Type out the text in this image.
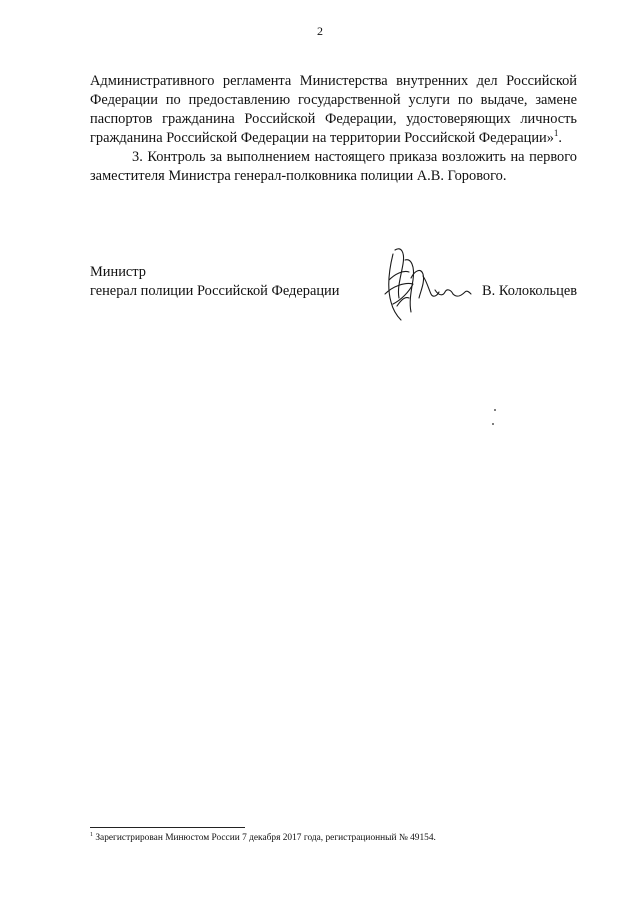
2

Административного регламента Министерства внутренних дел Российской Федерации по предоставлению государственной услуги по выдаче, замене паспортов гражданина Российской Федерации, удостоверяющих личность гражданина Российской Федерации на территории Российской Федерации»$^1$.

3. Контроль за выполнением настоящего приказа возложить на первого заместителя Министра генерал-полковника полиции А.В. Горового.

Министр
генерал полиции Российской Федерации	В. Колокольцев
$^1$ Зарегистрирован Минюстом России 7 декабря 2017 года, регистрационный № 49154.
